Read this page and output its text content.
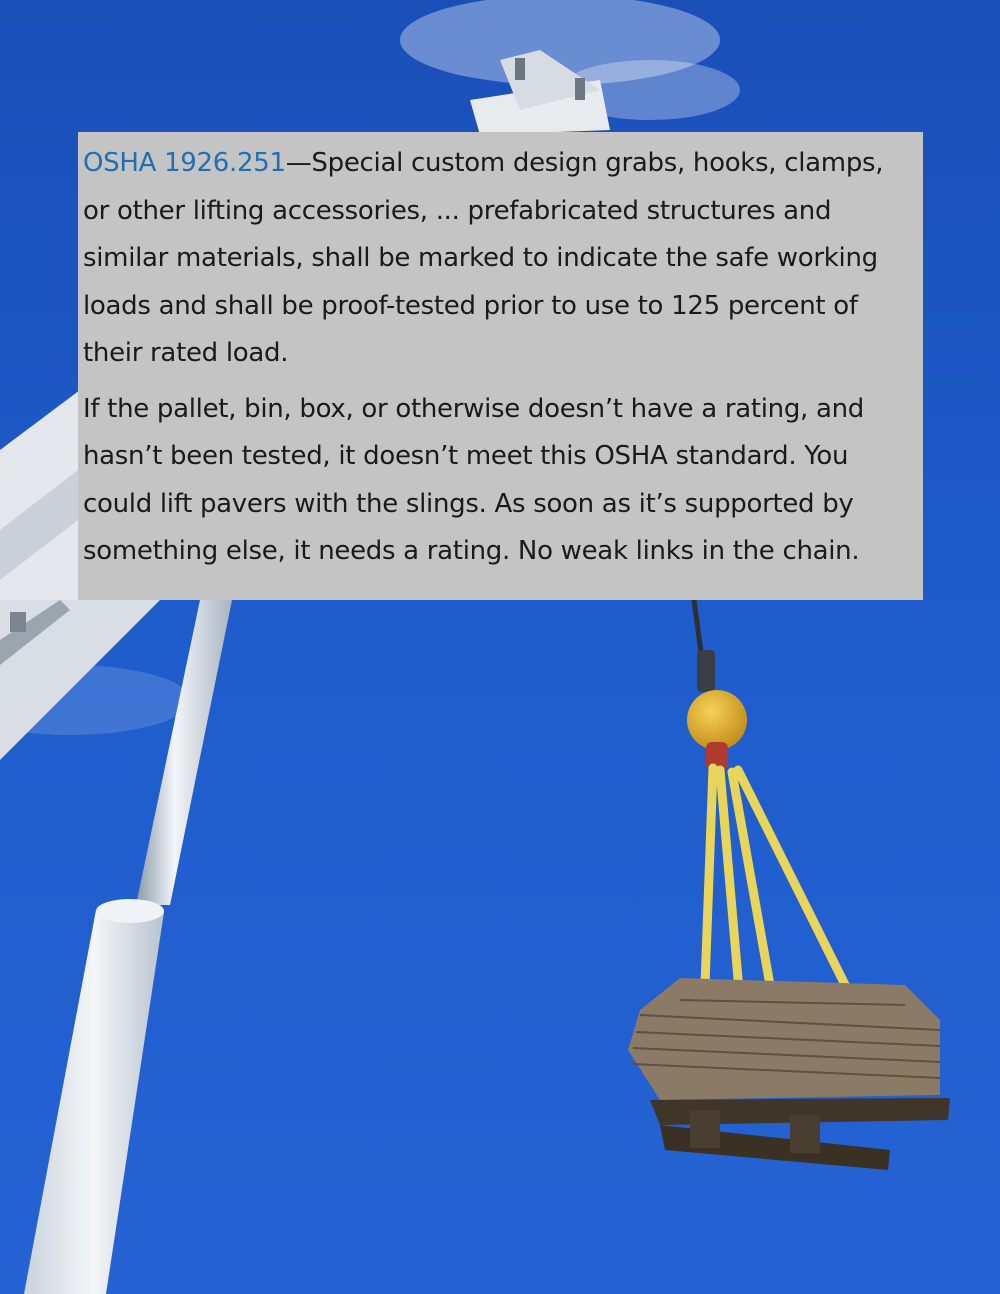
OSHA 1926.251—Special custom design grabs, hooks, clamps, or other lifting accessories, ... prefabricated structures and similar materials, shall be marked to indicate the safe working loads and shall be proof-tested prior to use to 125 percent of their rated load.

If the pallet, bin, box, or otherwise doesn’t have a rating, and hasn’t been tested, it doesn’t meet this OSHA standard. You could lift pavers with the slings. As soon as it’s supported by something else, it needs a rating. No weak links in the chain.
